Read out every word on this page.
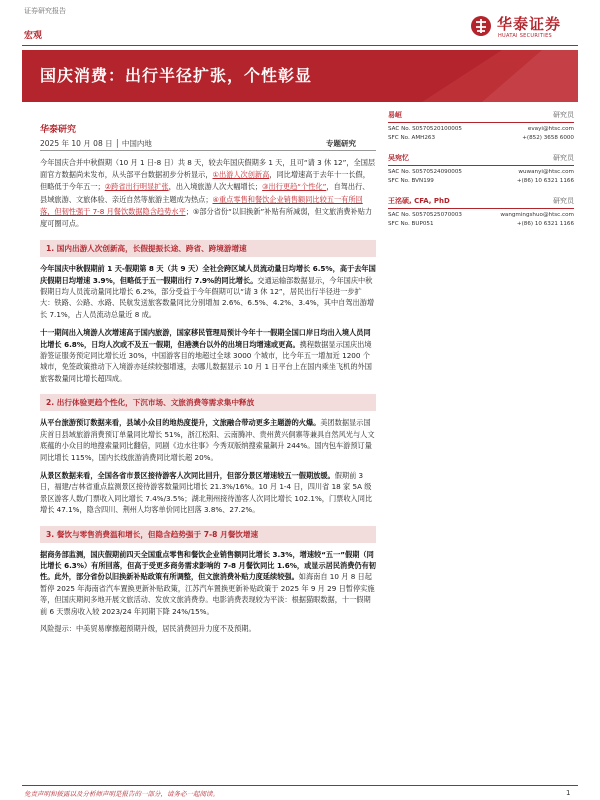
证券研究报告
宏观
华泰证券
HUATAI SECURITIES
国庆消费：出行半径扩张，个性彰显
华泰研究
2025 年 10 月 08 日 │ 中国内地	专题研究

今年国庆合并中秋假期（10 月 1 日-8 日）共 8 天，较去年国庆假期多 1 天，且可“请 3 休 12”，全国层面官方数据尚未发布，从头部平台数据初步分析显示，①出游人次创新高，同比增速高于去年十一长假，但略低于今年五一；②跨省出行明显扩张，出入境旅游人次大幅增长；③出行更趋“个性化”，自驾出行、县域旅游、文旅体验、亲近自然等旅游主题成为热点；④重点零售和餐饮企业销售额同比较五一有所回落，但韧性强于 7-8 月餐饮数据隐含趋势水平；⑤部分省份“以旧换新”补贴有所减弱，但文旅消费补贴力度可圈可点。

1. 国内出游人次创新高，长假提振长途、跨省、跨境游增速

今年国庆中秋假期前 1 天-假期第 8 天（共 9 天）全社会跨区域人员流动量日均增长 6.5%，高于去年国庆假期日均增速 3.9%，但略低于五一假期出行 7.9%的同比增长。交通运输部数据显示，今年国庆中秋假期日均人员流动量同比增长 6.2%，部分受益于今年假期可以“请 3 休 12”，居民出行半径进一步扩大：铁路、公路、水路、民航发送旅客数量同比分别增加 2.6%、6.5%、4.2%、3.4%，其中自驾出游增长 7.1%，占人员流动总量近 8 成。

十一期间出入境游人次增速高于国内旅游，国家移民管理局预计今年十一假期全国口岸日均出入境人员同比增长 6.8%，日均人次或不及五一假期，但港澳台以外的出境日均增速或更高。携程数据显示国庆出境游签证服务预定同比增长近 30%，中国游客目的地超过全球 3000 个城市，比今年五一增加近 1200 个城市，免签政策推动下入境游亦延续较强增速，去哪儿数据显示 10 月 1 日平台上在国内乘坐飞机的外国旅客数量同比增长超四成。

2. 出行体验更趋个性化，下沉市场、文旅消费等需求集中释放

从平台旅游预订数据来看，县域小众目的地热度提升，文旅融合带动更多主题游的火爆。美团数据显示国庆首日县域旅游消费预订单量同比增长 51%，浙江松阳、云南腾冲、贵州黄兴侗寨等兼具自然风光与人文底蕴的小众目的地搜索量同比翻倍，同剧《边水往事》今秀双版纳搜索量飙升 244%。国内包车游预订量同比增长 115%，国内长线旅游消费同比增长超 20%。

从景区数据来看，全国各省市景区接待游客人次同比回升，但部分景区增速较五一假期放缓。假期前 3 日，福建/吉林省重点监测景区接待游客数量同比增长 21.3%/16%。10 月 1-4 日，四川省 18 家 5A 级景区游客人数/门票收入同比增长 7.4%/3.5%；湖北荆州接待游客人次同比增长 102.1%，门票收入同比增长 47.1%，隐含四川、荆州人均客单价同比回落 3.8%、27.2%。

3. 餐饮与零售消费温和增长，但隐含趋势强于 7-8 月餐饮增速

据商务部监测，国庆假期前四天全国重点零售和餐饮企业销售额同比增长 3.3%，增速较“五一”假期（同比增长 6.3%）有所回落，但高于受更多商务需求影响的 7-8 月餐饮同比 1.6%，或显示居民消费仍有韧性。此外，部分省份以旧换新补贴政策有所调整，但文旅消费补贴力度延续较强。如海南自 10 月 8 日起暂停 2025 年海南省汽车置换更新补贴政策，江苏汽车置换更新补贴政策于 2025 年 9 月 29 日暂停实施等，但国庆期间多地开展文旅活动、发放文旅消费券。电影消费表现较为平淡：根据猫眼数据，十一假期前 6 天票房收入较 2023/24 年同期下降 24%/15%。

风险提示：中美贸易摩擦超预期升级，居民消费回升力度不及预期。
易峘	研究员
SAC No. S0570520100005	evayi@htsc.com
SFC No. AMH263	+(852) 3658 6000
吴宛忆	研究员
SAC No. S0570524090005	wuwanyi@htsc.com
SFC No. BVN199	+(86) 10 6321 1166
王洺硕, CFA, PhD	研究员
SAC No. S0570525070003	wangmingshuo@htsc.com
SFC No. BUP051	+(86) 10 6321 1166
免责声明和披露以及分析师声明是报告的一部分，请务必一起阅读。	1
